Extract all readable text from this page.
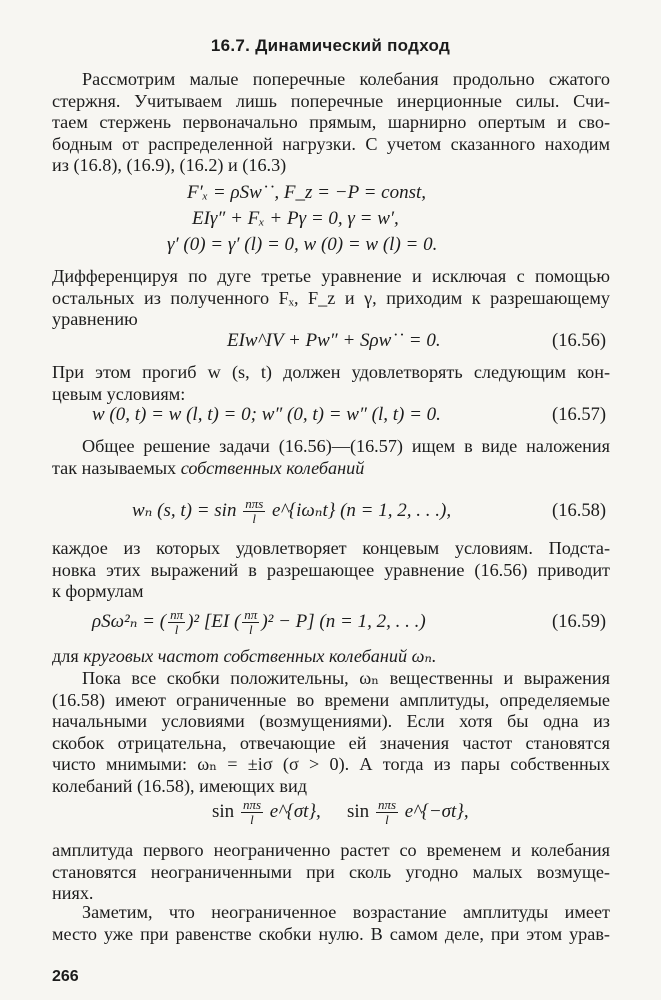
16.7. Динамический подход

Рассмотрим малые поперечные колебания продольно сжатого
стержня. Учитываем лишь поперечные инерционные силы. Счи-
таем стержень первоначально прямым, шарнирно опертым и сво-
бодным от распределенной нагрузки. С учетом сказанного находим
из (16.8), (16.9), (16.2) и (16.3)

F′ₓ = ρSw˙˙, F_z = −P = const,
EIγ″ + Fₓ + Pγ = 0, γ = w′,
γ′ (0) = γ′ (l) = 0, w (0) = w (l) = 0.

Дифференцируя по дуге третье уравнение и исключая с помощью
остальных из полученного Fₓ, F_z и γ, приходим к разрешающему
уравнению

EIw^IV + Pw″ + Sρw˙˙ = 0.	(16.56)

При этом прогиб w (s, t) должен удовлетворять следующим кон-
цевым условиям:

w (0, t) = w (l, t) = 0; w″ (0, t) = w″ (l, t) = 0.	(16.57)

Общее решение задачи (16.56)—(16.57) ищем в виде наложения
так называемых собственных колебаний

wₙ (s, $t) = \sin \frac{\text{nπs}}{l}$ e^{iωₙt} (n = 1, 2, . . .),	(16.58)

каждое из которых удовлетворяет концевым условиям. Подста-
новка этих выражений в разрешающее уравнение (16.56) приводит
к формулам

ρSω²ₙ = ( $\frac{n\pi}{l} )^2$ [EI ( $\frac{n\pi}{l} )^2 - P$] (n = 1, 2, . . .)	(16.59)

для круговых частот собственных колебаний ωₙ.

Пока все скобки положительны, ωₙ вещественны и выражения
(16.58) имеют ограниченные во времени амплитуды, определяемые
начальными условиями (возмущениями). Если хотя бы одна из
скобок отрицательна, отвечающие ей значения частот становятся
чисто мнимыми: ωₙ = ±iσ (σ > 0). А тогда из пары собственных
колебаний (16.58), имеющих вид

$\sin \frac{\text{nπs}}{l}$ e^{σt}, $\sin \frac{\text{nπs}}{l}$ e^{−σt},

амплитуда первого неограниченно растет со временем и колебания
становятся неограниченными при сколь угодно малых возмуще-
ниях.

Заметим, что неограниченное возрастание амплитуды имеет
место уже при равенстве скобки нулю. В самом деле, при этом урав-

266
